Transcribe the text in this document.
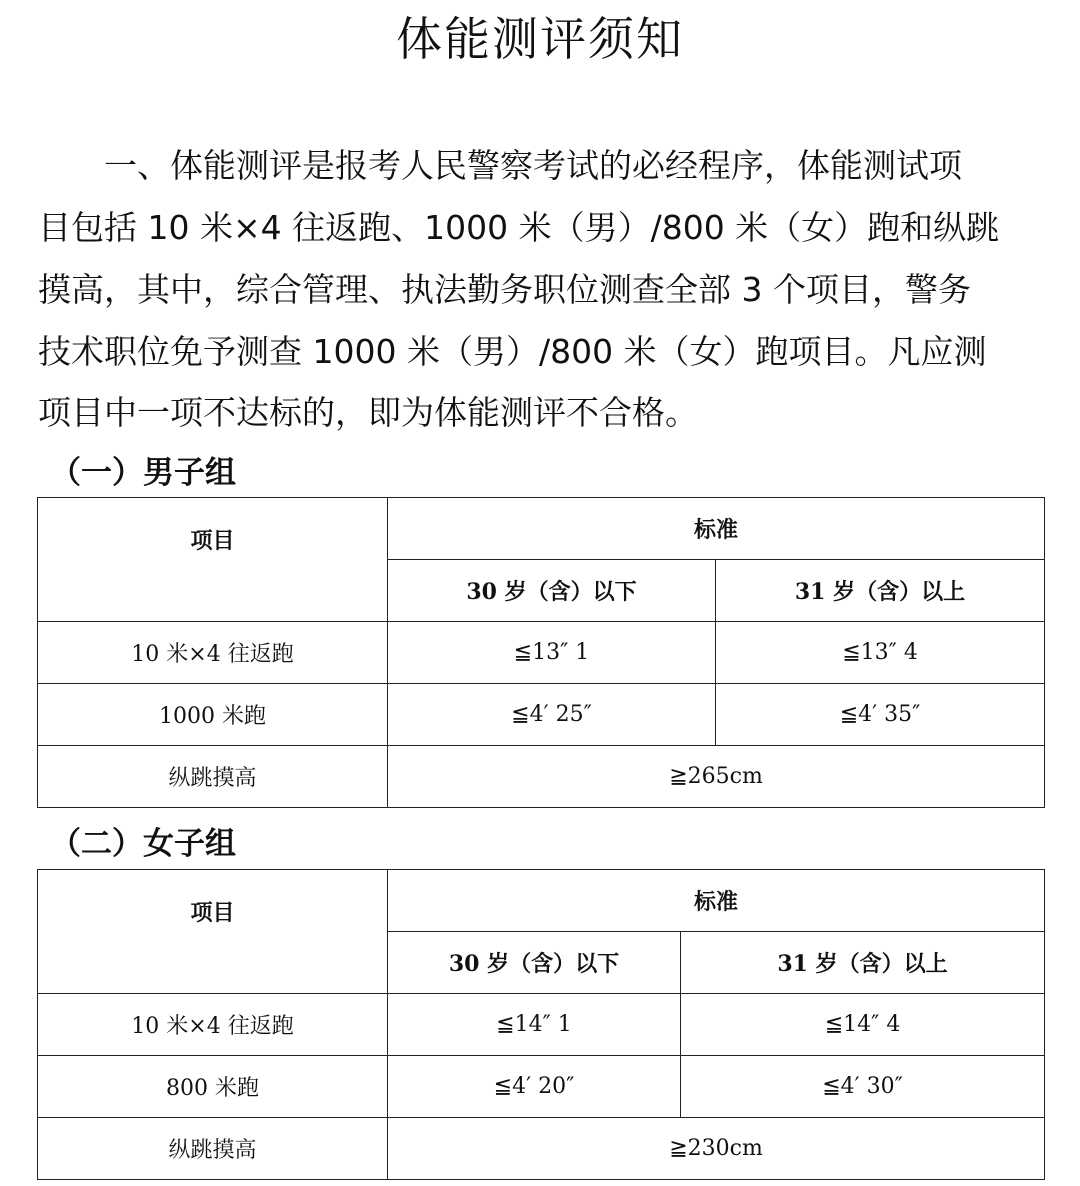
体能测评须知
　　一、体能测评是报考人民警察考试的必经程序，体能测试项
目包括 10 米×4 往返跑、1000 米（男）/800 米（女）跑和纵跳
摸高，其中，综合管理、执法勤务职位测查全部 3 个项目，警务
技术职位免予测查 1000 米（男）/800 米（女）跑项目。凡应测
项目中一项不达标的，即为体能测评不合格。
（一）男子组
项目	标准	
	30 岁（含）以下	31 岁（含）以上
10 米×4 往返跑	≦13″ 1	≦13″ 4
1000 米跑	≦4′ 25″	≦4′ 35″
纵跳摸高	≧265cm	
（二）女子组
项目	标准	
	30 岁（含）以下	31 岁（含）以上
10 米×4 往返跑	≦14″ 1	≦14″ 4
800 米跑	≦4′ 20″	≦4′ 30″
纵跳摸高	≧230cm	
